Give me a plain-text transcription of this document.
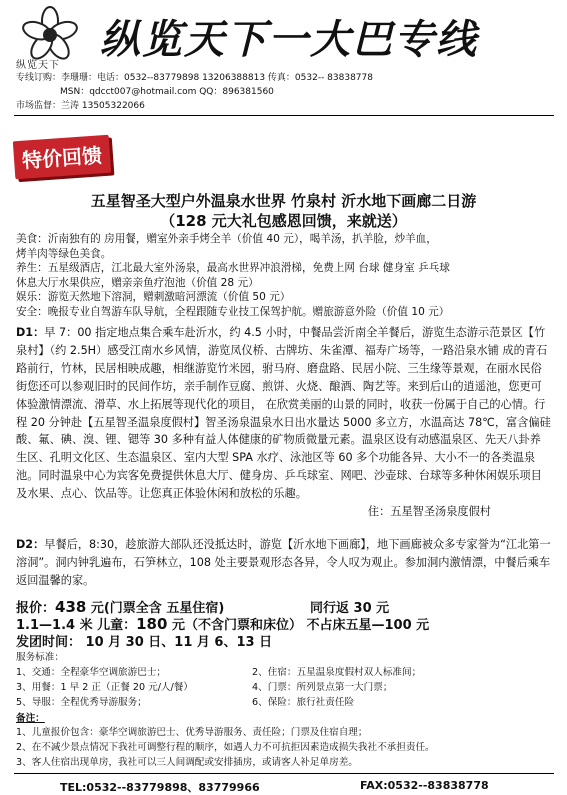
纵览天下
纵览天下一大巴专线
专线订购：李珊珊：电话：0532--83779898 13206388813 传真：0532-- 83838778
MSN：qdcct007@hotmail.com QQ：896381560
市场监督：兰涛 13505322066
特价回馈
五星智圣大型户外温泉水世界 竹泉村 沂水地下画廊二日游
（128 元大礼包感恩回馈，来就送）

美食：沂南独有的 房用餐，赠室外亲手烤全羊（价值 40 元），喝羊汤，扒羊脸，炒羊血，

烤羊肉等绿色美食。

养生：五星级酒店，江北最大室外汤泉，最高水世界冲浪滑梯，免费上网 台球 健身室 乒乓球

休息大厅水果供应，赠亲亲鱼疗泡池（价值 28 元）

娱乐：游览天然地下溶洞，赠刺激暗河漂流（价值 50 元）

安全：晚报专业自驾游车队导航，全程跟随专业技工保驾护航。赠旅游意外险（价值 10 元）

D1：早 7：00 指定地点集合乘车赴沂水，约 4.5 小时，中餐品尝沂南全羊餐后，游览生态游示范景区【竹泉村】（约 2.5H）感受江南水乡风情，游览凤仪桥、古牌坊、朱雀潭、福寿广场等，一路沿泉水铺 成的青石路前行，竹林，民居相映成趣，相继游览竹米园，驸马府、磨盘路、民居小院、三生缘等景观，在丽水民俗街您还可以参观旧时的民间作坊，亲手制作豆腐、煎饼、火烧、酿酒、陶艺等。来到后山的逍遥池，您更可体验激情漂流、滑草、水上拓展等现代化的项目， 在欣赏美丽的山景的同时，收获一份属于自己的心情。行程 20 分钟赴【五星智圣温泉度假村】智圣汤泉温泉水日出水量达 5000 多立方，水温高达 78℃，富含偏硅酸、氟、碘、溴、锂、锶等 30 多种有益人体健康的矿物质微量元素。温泉区设有动感温泉区、先天八卦养生区、孔明文化区、生态温泉区、室内大型 SPA 水疗、泳池区等 60 多个功能各异、大小不一的各类温泉池。同时温泉中心为宾客免费提供休息大厅、健身房、乒乓球室、网吧、沙壶球、台球等多种休闲娱乐项目及水果、点心、饮品等。让您真正体验休闲和放松的乐趣。

住：五星智圣汤泉度假村

D2：早餐后，8:30，趁旅游大部队还没抵达时，游览【沂水地下画廊】，地下画廊被众多专家誉为“江北第一溶洞”。洞内钟乳遍布，石笋林立，108 处主要景观形态各异，令人叹为观止。参加洞内激情漂，中餐后乘车返回温馨的家。

报价：438 元(门票全含 五星住宿)	同行返 30 元
1.1—1.4 米 儿童：180 元（不含门票和床位） 不占床五星—100 元
发团时间： 10 月 30 日、11 月 6、13 日
服务标准：
1、交通：全程豪华空调旅游巴士；	2、住宿：五星温泉度假村双人标准间；
3、用餐：1 早 2 正（正餐 20 元/人/餐）	4、门票：所列景点第一大门票；
5、导服：全程优秀导游服务；	6、保险：旅行社责任险
备注：
1、儿童报价包含：豪华空调旅游巴士、优秀导游服务、责任险；门票及住宿自理；
2、在不减少景点情况下我社可调整行程的顺序，如遇人力不可抗拒因素造成损失我社不承担责任。
3、客人住宿出现单房，我社可以三人间调配或安排插房，或请客人补足单房差。
TEL:0532--83779898、83779966	FAX:0532--83838778
